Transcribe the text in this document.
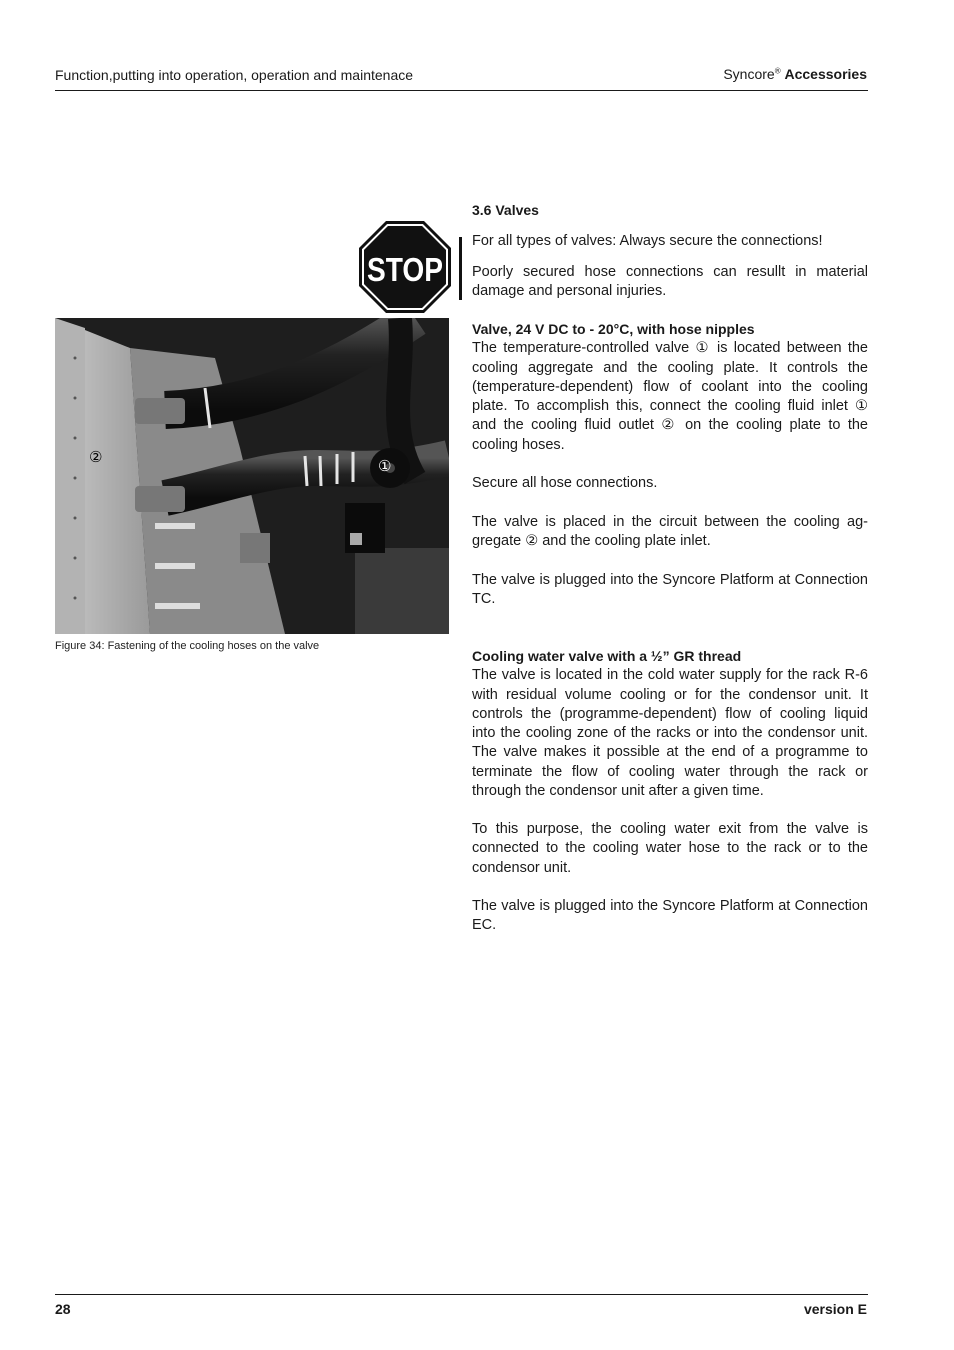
Function,putting into operation, operation and maintenace	Syncore® Accessories
STOP
②
①
Figure 34: Fastening of the cooling hoses on the valve
3.6 Valves

For all types of valves: Always secure the connections!

Poorly secured hose connections can resullt in material damage and personal injuries.

Valve, 24 V DC to - 20°C, with hose nipples

The temperature-controlled valve ① is located between the cooling aggregate and the cooling plate. It controls the (temperature-dependent) flow of coolant into the cooling plate. To accomplish this, connect the cooling fluid inlet ① and the cooling fluid outlet ② on the cooling plate to the cooling hoses.

Secure all hose connections.

The valve is placed in the circuit between the cooling aggregate ② and the cooling plate inlet.

The valve is plugged into the Syncore Platform at Connection TC.

Cooling water valve with a ½” GR thread

The valve is located in the cold water supply for the rack R-6 with residual volume cooling or for the condensor unit. It controls the (programme-dependent) flow of cooling liquid into the cooling zone of the racks or into the condensor unit. The valve makes it possible at the end of a programme to terminate the flow of cooling water through the rack or through the condensor unit after a given time.

To this purpose, the cooling water exit from the valve is connected to the cooling water hose to the rack or to the condensor unit.

The valve is plugged into the Syncore Platform at Connection EC.

28	version E
